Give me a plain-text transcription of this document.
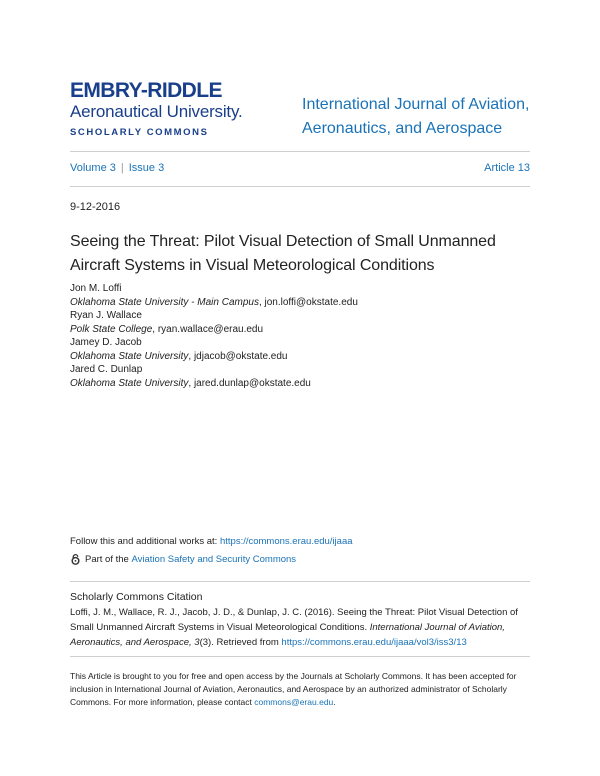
EMBRY-RIDDLE
Aeronautical University.
SCHOLARLY COMMONS
International Journal of Aviation,
Aeronautics, and Aerospace
Volume 3 | Issue 3	Article 13
9-12-2016
Seeing the Threat: Pilot Visual Detection of Small Unmanned
Aircraft Systems in Visual Meteorological Conditions
Jon M. Loffi
Oklahoma State University - Main Campus, jon.loffi@okstate.edu
Ryan J. Wallace
Polk State College, ryan.wallace@erau.edu
Jamey D. Jacob
Oklahoma State University, jdjacob@okstate.edu
Jared C. Dunlap
Oklahoma State University, jared.dunlap@okstate.edu
Follow this and additional works at: https://commons.erau.edu/ijaaa
Part of the
Aviation Safety and Security Commons
Scholarly Commons Citation
Loffi, J. M., Wallace, R. J., Jacob, J. D., & Dunlap, J. C. (2016). Seeing the Threat: Pilot Visual Detection of Small Unmanned Aircraft Systems in Visual Meteorological Conditions. International Journal of Aviation, Aeronautics, and Aerospace, 3(3). Retrieved from https://commons.erau.edu/ijaaa/vol3/iss3/13
This Article is brought to you for free and open access by the Journals at Scholarly Commons. It has been accepted for inclusion in International Journal of Aviation, Aeronautics, and Aerospace by an authorized administrator of Scholarly Commons. For more information, please contact commons@erau.edu.
